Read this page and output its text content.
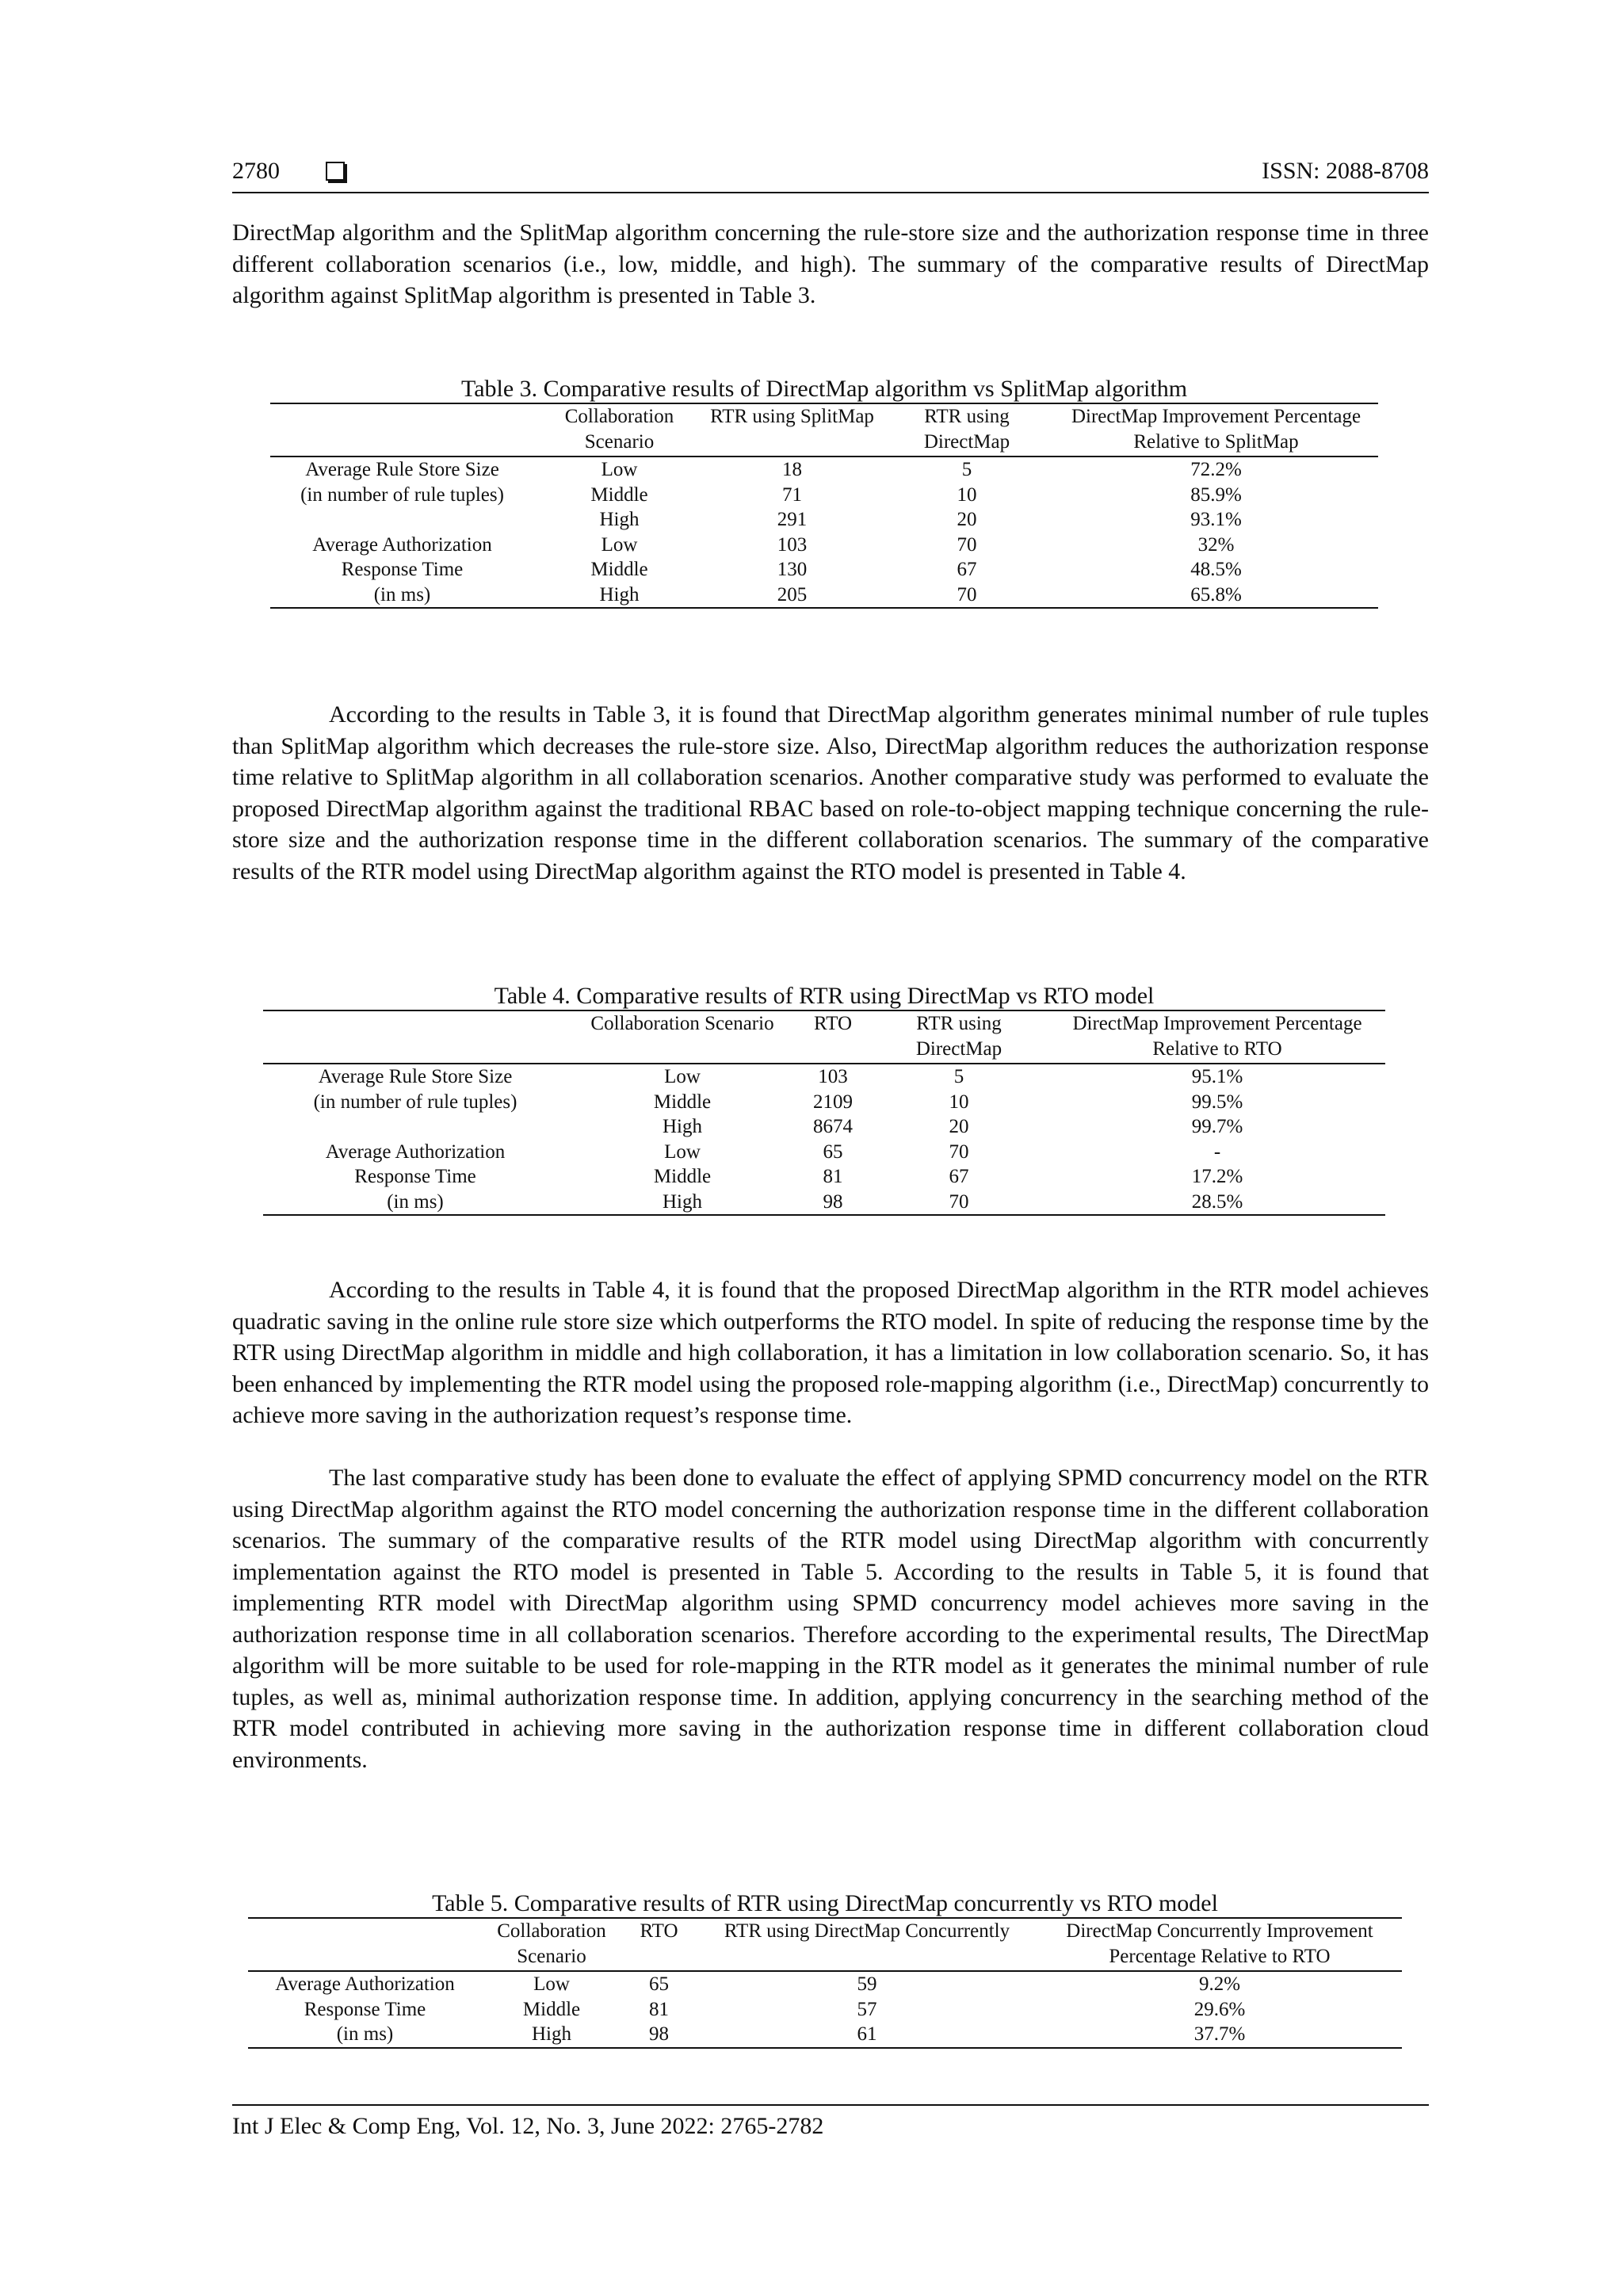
2780	ISSN: 2088-8708

DirectMap algorithm and the SplitMap algorithm concerning the rule-store size and the authorization response time in three different collaboration scenarios (i.e., low, middle, and high). The summary of the comparative results of DirectMap algorithm against SplitMap algorithm is presented in Table 3.

Table 3. Comparative results of DirectMap algorithm vs SplitMap algorithm
	Collaboration Scenario	RTR using SplitMap	RTR using DirectMap	DirectMap Improvement Percentage Relative to SplitMap
Average Rule Store Size	Low	18	5	72.2%
(in number of rule tuples)	Middle	71	10	85.9%
	High	291	20	93.1%
Average Authorization	Low	103	70	32%
Response Time	Middle	130	67	48.5%
(in ms)	High	205	70	65.8%

According to the results in Table 3, it is found that DirectMap algorithm generates minimal number of rule tuples than SplitMap algorithm which decreases the rule-store size. Also, DirectMap algorithm reduces the authorization response time relative to SplitMap algorithm in all collaboration scenarios. Another comparative study was performed to evaluate the proposed DirectMap algorithm against the traditional RBAC based on role-to-object mapping technique concerning the rule-store size and the authorization response time in the different collaboration scenarios. The summary of the comparative results of the RTR model using DirectMap algorithm against the RTO model is presented in Table 4.

Table 4. Comparative results of RTR using DirectMap vs RTO model
	Collaboration Scenario	RTO	RTR using DirectMap	DirectMap Improvement Percentage Relative to RTO
Average Rule Store Size	Low	103	5	95.1%
(in number of rule tuples)	Middle	2109	10	99.5%
	High	8674	20	99.7%
Average Authorization	Low	65	70	-
Response Time	Middle	81	67	17.2%
(in ms)	High	98	70	28.5%

According to the results in Table 4, it is found that the proposed DirectMap algorithm in the RTR model achieves quadratic saving in the online rule store size which outperforms the RTO model. In spite of reducing the response time by the RTR using DirectMap algorithm in middle and high collaboration, it has a limitation in low collaboration scenario. So, it has been enhanced by implementing the RTR model using the proposed role-mapping algorithm (i.e., DirectMap) concurrently to achieve more saving in the authorization request’s response time.

The last comparative study has been done to evaluate the effect of applying SPMD concurrency model on the RTR using DirectMap algorithm against the RTO model concerning the authorization response time in the different collaboration scenarios. The summary of the comparative results of the RTR model using DirectMap algorithm with concurrently implementation against the RTO model is presented in Table 5. According to the results in Table 5, it is found that implementing RTR model with DirectMap algorithm using SPMD concurrency model achieves more saving in the authorization response time in all collaboration scenarios. Therefore according to the experimental results, The DirectMap algorithm will be more suitable to be used for role-mapping in the RTR model as it generates the minimal number of rule tuples, as well as, minimal authorization response time. In addition, applying concurrency in the searching method of the RTR model contributed in achieving more saving in the authorization response time in different collaboration cloud environments.

Table 5. Comparative results of RTR using DirectMap concurrently vs RTO model
	Collaboration Scenario	RTO	RTR using DirectMap Concurrently	DirectMap Concurrently Improvement Percentage Relative to RTO
Average Authorization	Low	65	59	9.2%
Response Time	Middle	81	57	29.6%
(in ms)	High	98	61	37.7%
Int J Elec & Comp Eng, Vol. 12, No. 3, June 2022: 2765-2782
